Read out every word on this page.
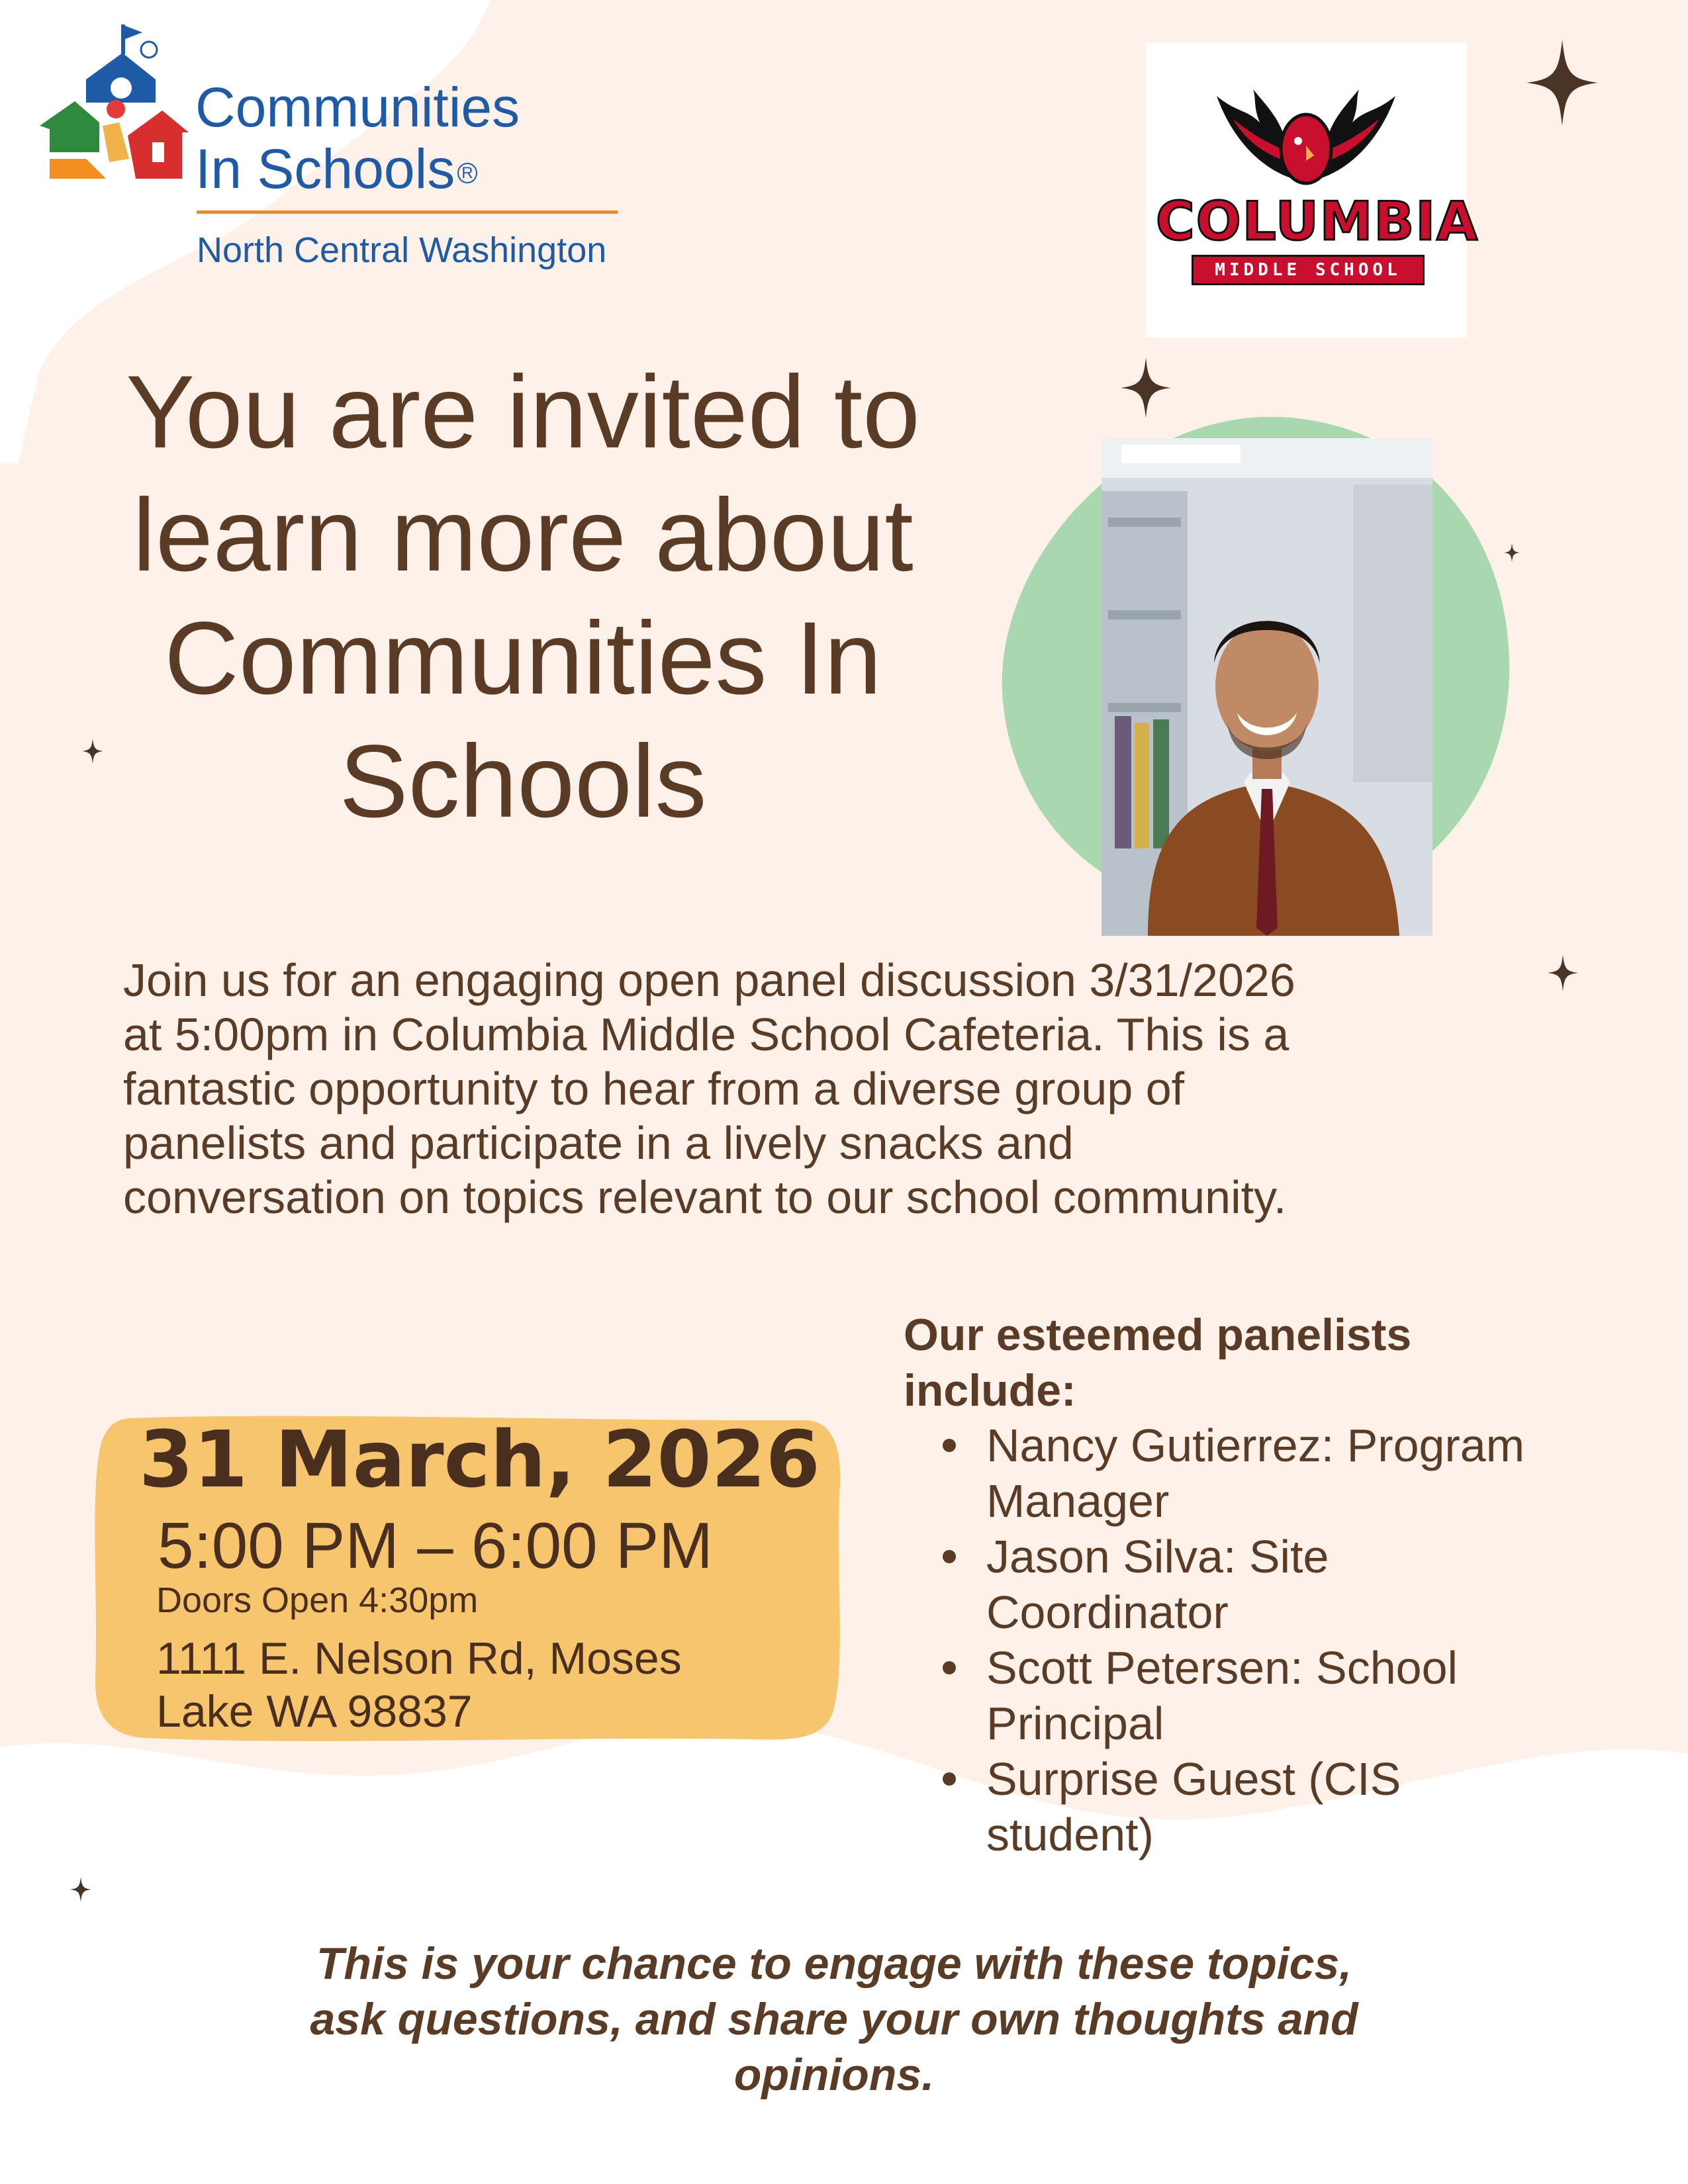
Communities
In Schools R
North Central Washington	COLUMBIA
MIDDLE SCHOOL
You are invited to
learn more about
Communities In
Schools
Join us for an engaging open panel discussion 3/31/2026
at 5:00pm in Columbia Middle School Cafeteria. This is a
fantastic opportunity to hear from a diverse group of
panelists and participate in a lively snacks and
conversation on topics relevant to our school community.
31 March, 2026
5:00 PM – 6:00 PM
Doors Open 4:30pm
1111 E. Nelson Rd, Moses
Lake WA 98837
Our esteemed panelists
include:
Nancy Gutierrez: Program
Manager
Jason Silva: Site
Coordinator
Scott Petersen: School
Principal
Surprise Guest (CIS
student)
This is your chance to engage with these topics,
ask questions, and share your own thoughts and
opinions.
